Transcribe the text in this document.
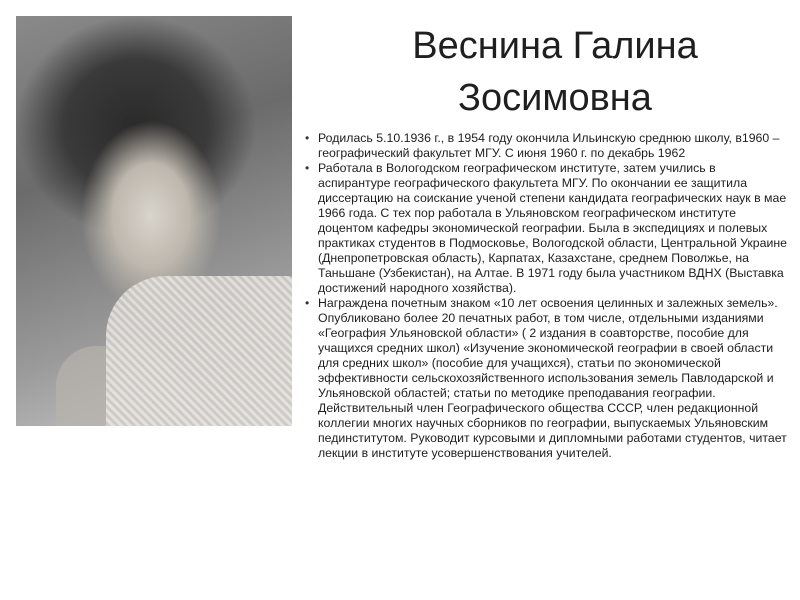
Веснина Галина
Зосимовна
• Родилась 5.10.1936 г., в 1954 году окончила Ильинскую среднюю школу, в1960 – географический факультет МГУ. С июня 1960 г. по декабрь 1962
• Работала в Вологодском географическом институте, затем учились в аспирантуре географического факультета МГУ. По окончании ее защитила диссертацию на соискание ученой степени кандидата географических наук в мае 1966 года. С тех пор работала в Ульяновском географическом институте доцентом кафедры экономической географии. Была в экспедициях и полевых практиках студентов в Подмосковье, Вологодской области, Центральной Украине (Днепропетровская область), Карпатах, Казахстане, среднем Поволжье, на Таньшане (Узбекистан), на Алтае. В 1971 году была участником ВДНХ (Выставка достижений народного хозяйства).
• Награждена почетным знаком «10 лет освоения целинных и залежных земель». Опубликовано более 20 печатных работ, в том числе, отдельными изданиями «География Ульяновской области» ( 2 издания в соавторстве, пособие для учащихся средних школ) «Изучение экономической географии в своей области для средних школ» (пособие для учащихся), статьи по экономической эффективности сельскохозяйственного использования земель Павлодарской и Ульяновской областей; статьи по методике преподавания географии.
Действительный член Географического общества СССР, член редакционной коллегии многих научных сборников по географии, выпускаемых Ульяновским пединститутом. Руководит курсовыми и дипломными работами студентов, читает лекции в институте усовершенствования учителей.
